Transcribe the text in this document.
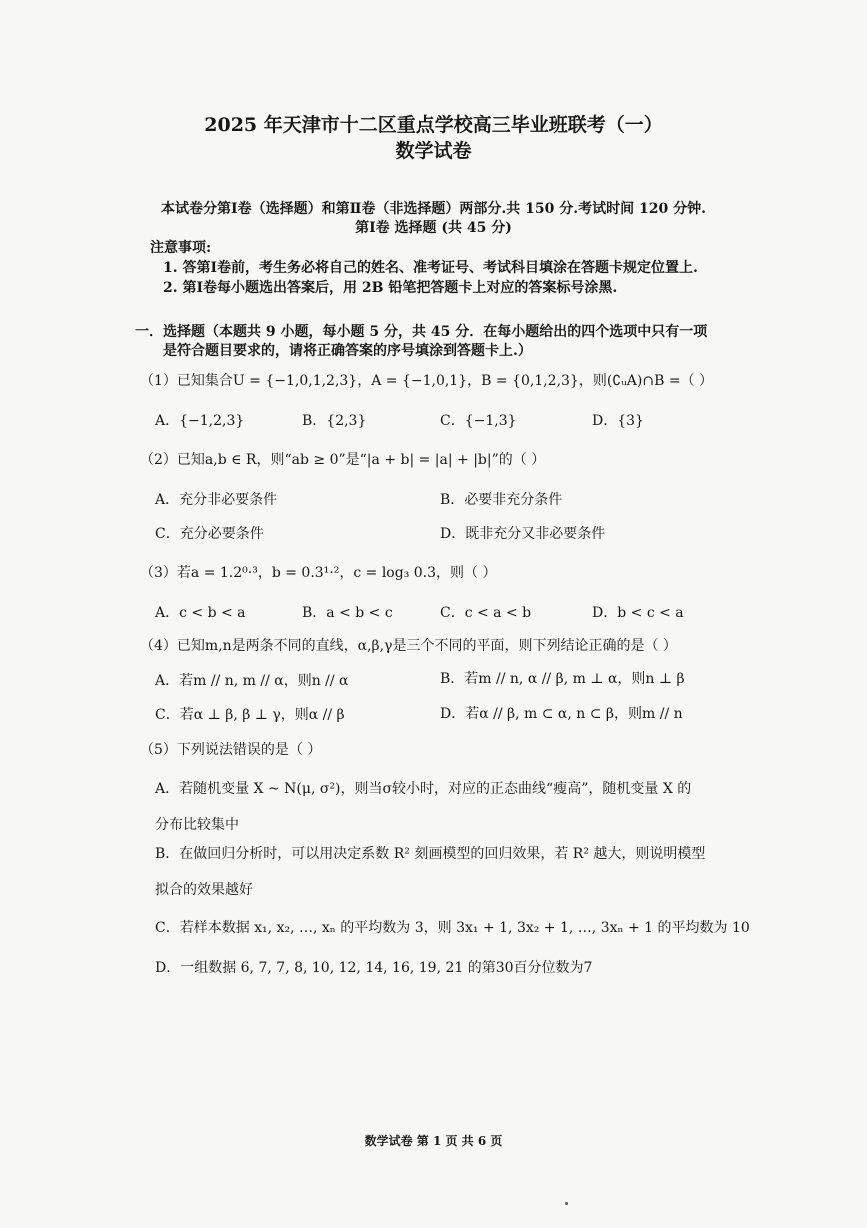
2025 年天津市十二区重点学校高三毕业班联考（一）
数学试卷
本试卷分第Ⅰ卷（选择题）和第Ⅱ卷（非选择题）两部分.共 150 分.考试时间 120 分钟.
第Ⅰ卷 选择题 (共 45 分)
注意事项:
1. 答第Ⅰ卷前，考生务必将自己的姓名、准考证号、考试科目填涂在答题卡规定位置上.
2. 第Ⅰ卷每小题选出答案后，用 2B 铅笔把答题卡上对应的答案标号涂黑.
一．选择题（本题共 9 小题，每小题 5 分，共 45 分．在每小题给出的四个选项中只有一项
是符合题目要求的，请将正确答案的序号填涂到答题卡上.）
（1）已知集合U = {−1,0,1,2,3}，A = {−1,0,1}，B = {0,1,2,3}，则(∁ᵤA)∩B =（ ）
A．{−1,2,3}	B．{2,3}	C．{−1,3}	D．{3}
（2）已知a,b ∈ R，则“ab ≥ 0”是“|a + b| = |a| + |b|”的（ ）
A．充分非必要条件	B．必要非充分条件
C．充分必要条件	D．既非充分又非必要条件
（3）若a = 1.2⁰·³，b = 0.3¹·²，c = log₃ 0.3，则（ ）
A．c < b < a	B．a < b < c	C．c < a < b	D．b < c < a
（4）已知m,n是两条不同的直线，α,β,γ是三个不同的平面，则下列结论正确的是（ ）
A．若m // n, m // α，则n // α	B．若m // n, α // β, m ⊥ α，则n ⊥ β
C．若α ⊥ β, β ⊥ γ，则α // β	D．若α // β, m ⊂ α, n ⊂ β，则m // n
（5）下列说法错误的是（ ）
A．若随机变量 X ~ N(μ, σ²)，则当σ较小时，对应的正态曲线“瘦高”，随机变量 X 的
分布比较集中
B．在做回归分析时，可以用决定系数 R² 刻画模型的回归效果，若 R² 越大，则说明模型
拟合的效果越好
C．若样本数据 x₁, x₂, …, xₙ 的平均数为 3，则 3x₁ + 1, 3x₂ + 1, …, 3xₙ + 1 的平均数为 10
D．一组数据 6, 7, 7, 8, 10, 12, 14, 16, 19, 21 的第30百分位数为7
数学试卷 第 1 页 共 6 页
